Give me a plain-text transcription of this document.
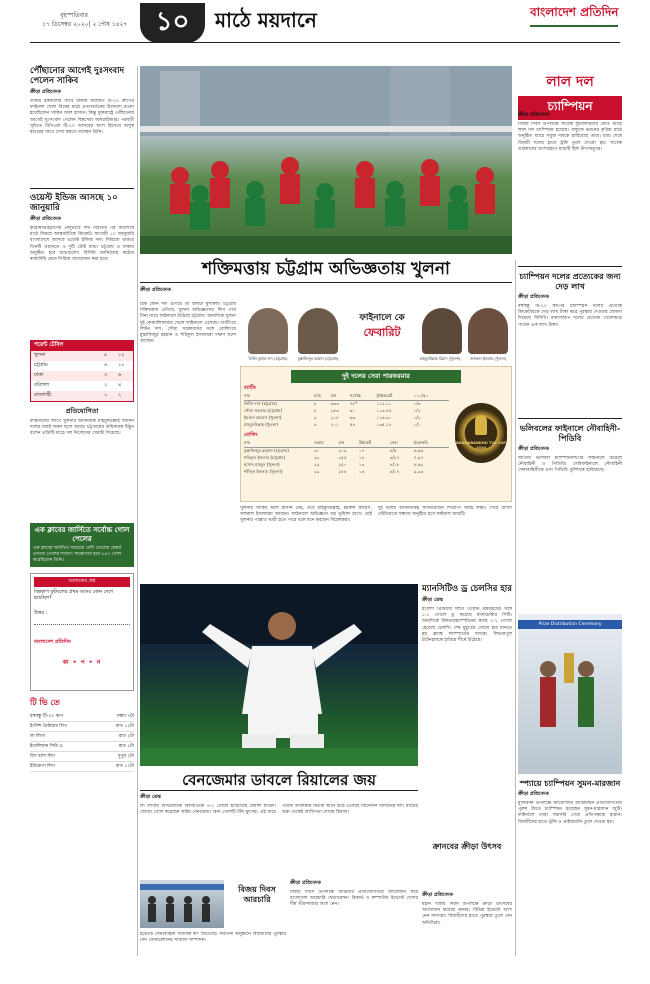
বৃহস্পতিবার
১৭ ডিসেম্বর ২০২০| ২ পৌষ ১৪২৭	১০	মাঠে ময়দানে	বাংলাদেশ প্রতিদিন
পৌঁছানোর আগেই দুঃসংবাদ পেলেন সাকিব
ক্রীড়া প্রতিবেদক
তামিম ইকবালের সাথে ঢাকায় অবস্থিত টি-২০ কাপের ফাইনাল খেলা বিশ্বের মাঠে প্রত্যাবর্তনের উদ্দেশ্যে রওনা হয়েছিলেন সাকিব আল হাসান। কিন্তু যুক্তরাষ্ট্রে পৌঁছানোর আগেই দুঃসংবাদ পেলেন বিশ্বসেরা অলরাউন্ডার। পরবর্তী সূচিতে বিপিএল টি-২০ আসরের অংশ হিসেবে অসুস্থ শ্বশুরের সাথে দেখা করতে যাচ্ছেন তিনি।
ওয়েস্ট ইন্ডিজ আসছে ১০ জানুয়ারি
ক্রীড়া প্রতিবেদক
করোনাভাইরাসের প্রাদুর্ভাবে দীর্ঘ বিরতির পর অবশেষে মাঠে ফিরছে আন্তর্জাতিক ক্রিকেট। আগামী ১০ জানুয়ারি বাংলাদেশে আসবে ওয়েস্ট ইন্ডিজ দল। সিরিজে থাকবে তিনটি ওয়ানডে ও দুটি টেস্ট ম্যাচ। চট্টগ্রাম ও ঢাকায় অনুষ্ঠিত হবে ম্যাচগুলো। বিসিবি জানিয়েছে কঠোর স্বাস্থ্যবিধি মেনে সিরিজ আয়োজন করা হবে।
পয়েন্ট টেবিল
খুলনা	৫	১২
চট্টগ্রাম	৪	১০
ঢাকা	৩	৬
বরিশাল	২	৪
রাজশাহী	১	২
প্রতিযোগিতা
ফাইনালের আগে খুলনার অধিনায়ক মাহমুদউল্লাহ জানান দলের সবাই দারুণ ছন্দে আছে। চট্টগ্রামের অধিনায়ক মিঠুন বলেন প্রতিটি ম্যাচে দল নিজেদের সেরাটা দিয়েছে।
এক ক্লাবের জার্সিতে সর্বোচ্চ গোল পেলের
এক ক্লাবের জার্সিতে সবচেয়ে বেশি গোলের রেকর্ড এখনো পেলের দখলে। সান্তোসের হয়ে ৬৪৩ গোল করেছিলেন তিনি।
আজকের প্রশ্ন
বিশ্বকাপ ফুটবলের প্রথম আসর কোন দেশে হয়েছিল?
উত্তর :
বাংলাদেশ প্রতিদিন
কা • প • ন
টি ভি তে
বঙ্গবন্ধু টি-২০ কাপ	সন্ধ্যা ৭টা
ইংলিশ প্রিমিয়ার লিগ	রাত ১২টা
লা লিগা	রাত ২টা
ইতালিয়ান সিরি এ	রাত ১টা
বিগ ব্যাশ লিগ	দুপুর ২টা
ইউরোপা লিগ	রাত ১১টা
লাল দল
চ্যাম্পিয়ন
ক্রীড়া প্রতিবেদক
বিজয় দিবস উপলক্ষে সাবেক ফুটবলারদের প্রীতি ম্যাচে লাল দল চ্যাম্পিয়ন হয়েছে। বাফুফে ভবনের কৃত্রিম মাঠে অনুষ্ঠিত ম্যাচে সবুজ দলকে হারিয়েছে তারা। ম্যাচ শেষে বিজয়ী দলের হাতে ট্রফি তুলে দেওয়া হয়। সাবেক তারকাদের অংশগ্রহণে ম্যাচটি ছিল উৎসবমুখর।
চ্যাম্পিয়ন দলের প্রত্যেকের জন্য দেড় লাখ
ক্রীড়া প্রতিবেদক
বঙ্গবন্ধু টি-২০ কাপের চ্যাম্পিয়ন দলের প্রত্যেক ক্রিকেটারকে দেড় লাখ টাকা করে পুরস্কার দেওয়ার ঘোষণা দিয়েছে বিসিবি। রানার্সআপ দলের প্রত্যেক খেলোয়াড় পাবেন এক লাখ টাকা।
ভলিবলের ফাইনালে নৌবাহিনী-পিডিবি
ক্রীড়া প্রতিবেদক
জাতীয় ভলিবল চ্যাম্পিয়নশিপের ফাইনালে উঠেছে নৌবাহিনী ও পিডিবি। সেমিফাইনালে নৌবাহিনী সেনাবাহিনীকে এবং পিডিবি পুলিশকে হারিয়েছে।
শক্তিমত্তায় চট্টগ্রাম অভিজ্ঞতায় খুলনা
ক্রীড়া প্রতিবেদক
ফাইনালে কে
ফেবারিট
লিটন কুমার দাস (চট্টগ্রাম)	মুস্তাফিজুর রহমান (চট্টগ্রাম)	মাহমুদউল্লাহ রিয়াদ (খুলনা)	জহুরুল ইসলাম (খুলনা)
ঠিক কোন দল এগিয়ে তা বলাটা মুশকিল। চট্টগ্রাম শক্তিমত্তায় এগিয়ে, খুলনা অভিজ্ঞতায়। লিগ পর্বে টানা জয়ে ফাইনালে উঠেছে চট্টগ্রাম। অন্যদিকে খুলনা দুই কোয়ালিফায়ার খেলে ফাইনালে এসেছে। ব্যাটিংয়ে লিটন দাস, সৌম্য সরকারদের সঙ্গে বোলিংয়ে মুস্তাফিজুর রহমান ও শরিফুল ইসলামরা দারুণ ছন্দে আছেন।
দুই দলের সেরা পারফরমার
ব্যাটিং
নাম	ম্যাচ	রান	সর্বোচ্চ	স্ট্রাইকরেট	১০০/৫০
লিটন দাস (চট্টগ্রাম)	৮	৩৩৩	৭৮*	১১২.১১	০/৩
সৌম্য সরকার (চট্টগ্রাম)	৮	২৫৩	৬০	১১৩.৪৫	০/২
ইমরুল কায়েস (খুলনা)	৯	২১৪	৬৩	১১৬.৩০	০/২
মাহমুদউল্লাহ (খুলনা)	৯	২০১	৫৪	১৩৫.১৮	০/১
বোলিং
নাম	ওভার	রান	উইকেট	সেরা	ইকোনমি
মুস্তাফিজুর রহমান (চট্টগ্রাম)	৩০	২০৯	১৭	৪/৫	৬.৯৬
শরিফুল ইসলাম (চট্টগ্রাম)	৩২	২৫৫	১৪	৩/২৭	৭.৯৭
হাসান মাহমুদ (খুলনা)	২৯	২৫০	১৩	৪/১৮	৮.৬২
শহীদুল ইসলাম (খুলনা)	২৯	২৮৮	১৩	৩/১৭	৯.৯৩
BANGABANDHU T20 CUP 2020
খুলনার সাকিব আল হাসান নেই, তবে মাহমুদউল্লাহ, ইমরুল কায়েস, জহুরুল ইসলামরা আছেন। ফাইনালে অভিজ্ঞতা বড় ভূমিকা রাখে। তাই খুলনার পাল্লাও ভারী হতে পারে বলে মনে করছেন বিশ্লেষকরা।
দুই দলের অধিনায়কই জানিয়েছেন শিরোপা জয়ই লক্ষ্য। শেরে বাংলা স্টেডিয়ামে সন্ধ্যায় অনুষ্ঠিত হবে ফাইনাল ম্যাচটি।
ম্যানসিটিও ড্র চেলসির হার
ক্রীড়া ডেস্ক
ইংলিশ প্রিমিয়ার লিগে ওয়েস্ট ব্রমউইচের সঙ্গে ১-১ গোলে ড্র করেছে ম্যানচেস্টার সিটি। অন্যদিকে উলভারহ্যাম্পটনের কাছে ২-১ গোলে হেরেছে চেলসি। শেষ মুহূর্তের গোলে হার মানতে হয় ফ্র্যাঙ্ক ল্যাম্পার্ডের দলকে। লিভারপুল টটেনহামকে হারিয়ে শীর্ষে উঠেছে।
ক্রানবের ক্রীড়া উৎসব
বেনজেমার ডাবলে রিয়ালের জয়
ক্রীড়া ডেস্ক
লা লিগায় আথলেটিক বিলবাওকে ৩-১ গোলে হারিয়েছে রিয়াল মাদ্রিদ। জোড়া গোল করেছেন করিম বেনজেমা। অন্য গোলটি টনি ক্রুসের। এই জয়ে পয়েন্ট তালিকার দ্বিতীয় স্থানে উঠে এসেছে জিনেদিন জিদানের দল। ম্যাচের শুরু থেকেই আধিপত্য দেখায় রিয়াল।
ক্রীড়া প্রতিবেদক
মহান বিজয় দিবস উপলক্ষে ক্রীড়া উৎসবের আয়োজন করেছে ক্রানব। বিভিন্ন ইভেন্টে অংশ নেন সদস্যরা। বিজয়ীদের হাতে পুরস্কার তুলে দেন অতিথিরা।
বিজয় দিবস আরচারি
ক্রীড়া প্রতিবেদক
বিজয় দিবস উপলক্ষে আরচারি প্রতিযোগিতার আয়োজন করে বাংলাদেশ আরচারি ফেডারেশন। রিকার্ভ ও কম্পাউন্ড ইভেন্টে দেশের শীর্ষ তীরন্দাজরা অংশ নেন।
ইভেন্টে সেনাবাহিনী সর্বাধিক স্বর্ণ জিতেছে। সমাপনী অনুষ্ঠানে বিজয়ীদের পুরস্কার দেন ফেডারেশনের সাধারণ সম্পাদক।
Prize Distribution Ceremony
স্প্যায়ে চ্যাম্পিয়ন সুমন-মারজান
ক্রীড়া প্রতিবেদক
মুজিববর্ষ উপলক্ষে আয়োজিত ব্যাডমিন্টন প্রতিযোগিতায় পুরুষ দ্বৈতে চ্যাম্পিয়ন হয়েছেন সুমন-মারজান জুটি। ফাইনালে তারা সরাসরি গেমে প্রতিপক্ষকে হারান। বিজয়ীদের হাতে ট্রফি ও প্রাইজমানি তুলে দেওয়া হয়।
